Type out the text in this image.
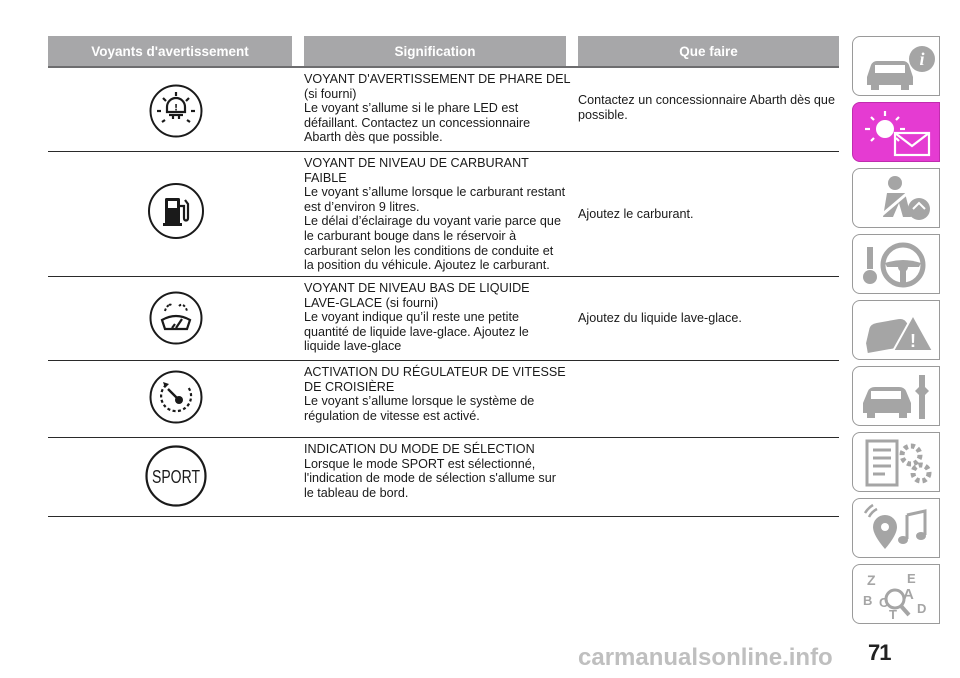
Voyants d'avertissement	Signification	Que faire
!
VOYANT D'AVERTISSEMENT DE PHARE DEL
(si fourni)
Le voyant s’allume si le phare LED est
défaillant. Contactez un concessionnaire
Abarth dès que possible.
Contactez un concessionnaire Abarth dès que possible.
VOYANT DE NIVEAU DE CARBURANT
FAIBLE
Le voyant s’allume lorsque le carburant restant
est d’environ 9 litres.
Le délai d’éclairage du voyant varie parce que
le carburant bouge dans le réservoir à
carburant selon les conditions de conduite et
la position du véhicule. Ajoutez le carburant.
Ajoutez le carburant.
VOYANT DE NIVEAU BAS DE LIQUIDE
LAVE-GLACE (si fourni)
Le voyant indique qu’il reste une petite
quantité de liquide lave-glace. Ajoutez le
liquide lave-glace
Ajoutez du liquide lave-glace.
ACTIVATION DU RÉGULATEUR DE VITESSE
DE CROISIÈRE
Le voyant s’allume lorsque le système de
régulation de vitesse est activé.
SPORT
INDICATION DU MODE DE SÉLECTION
Lorsque le mode SPORT est sélectionné,
l'indication de mode de sélection s'allume sur
le tableau de bord.
i
!
Z E
A
B C
T D
71
carmanualsonline.info
